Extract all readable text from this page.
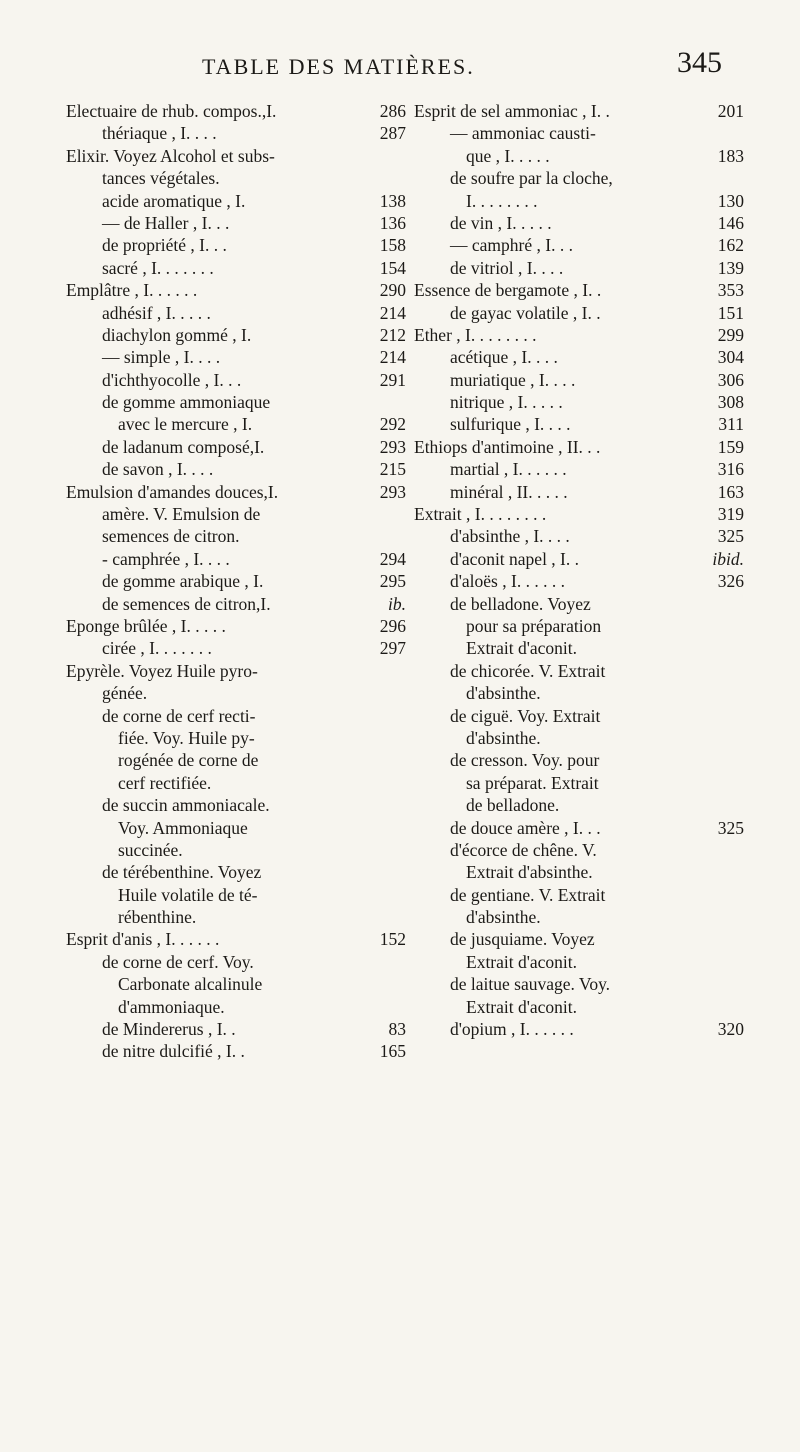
TABLE DES MATIÈRES.	345
Electuaire de rhub. compos.,I.	286
thériaque , I. . . .	287
Elixir. Voyez Alcohol et subs-
tances végétales.
acide aromatique , I.	138
— de Haller , I. . .	136
de propriété , I. . .	158
sacré , I. . . . . . .	154
Emplâtre , I. . . . . .	290
adhésif , I. . . . .	214
diachylon gommé , I.	212
— simple , I. . . .	214
d'ichthyocolle , I. . .	291
de gomme ammoniaque
avec le mercure , I.	292
de ladanum composé,I.	293
de savon , I. . . .	215
Emulsion d'amandes douces,I.	293
amère. V. Emulsion de
semences de citron.
- camphrée , I. . . .	294
de gomme arabique , I.	295
de semences de citron,I.	ib.
Eponge brûlée , I. . . . .	296
cirée , I. . . . . . .	297
Epyrèle. Voyez Huile pyro-
génée.
de corne de cerf recti-
fiée. Voy. Huile py-
rogénée de corne de
cerf rectifiée.
de succin ammoniacale.
Voy. Ammoniaque
succinée.
de térébenthine. Voyez
Huile volatile de té-
rébenthine.
Esprit d'anis , I. . . . . .	152
de corne de cerf. Voy.
Carbonate alcalinule
d'ammoniaque.
de Mindererus , I. .	83
de nitre dulcifié , I. .	165
Esprit de sel ammoniac , I. .	201
— ammoniac causti-
que , I. . . . .	183
de soufre par la cloche,
I. . . . . . . .	130
de vin , I. . . . .	146
— camphré , I. . .	162
de vitriol , I. . . .	139
Essence de bergamote , I. .	353
de gayac volatile , I. .	151
Ether , I. . . . . . . .	299
acétique , I. . . .	304
muriatique , I. . . .	306
nitrique , I. . . . .	308
sulfurique , I. . . .	311
Ethiops d'antimoine , II. . .	159
martial , I. . . . . .	316
minéral , II. . . . .	163
Extrait , I. . . . . . . .	319
d'absinthe , I. . . .	325
d'aconit napel , I. .	ibid.
d'aloës , I. . . . . .	326
de belladone. Voyez
pour sa préparation
Extrait d'aconit.
de chicorée. V. Extrait
d'absinthe.
de ciguë. Voy. Extrait
d'absinthe.
de cresson. Voy. pour
sa préparat. Extrait
de belladone.
de douce amère , I. . .	325
d'écorce de chêne. V.
Extrait d'absinthe.
de gentiane. V. Extrait
d'absinthe.
de jusquiame. Voyez
Extrait d'aconit.
de laitue sauvage. Voy.
Extrait d'aconit.
d'opium , I. . . . . .	320
